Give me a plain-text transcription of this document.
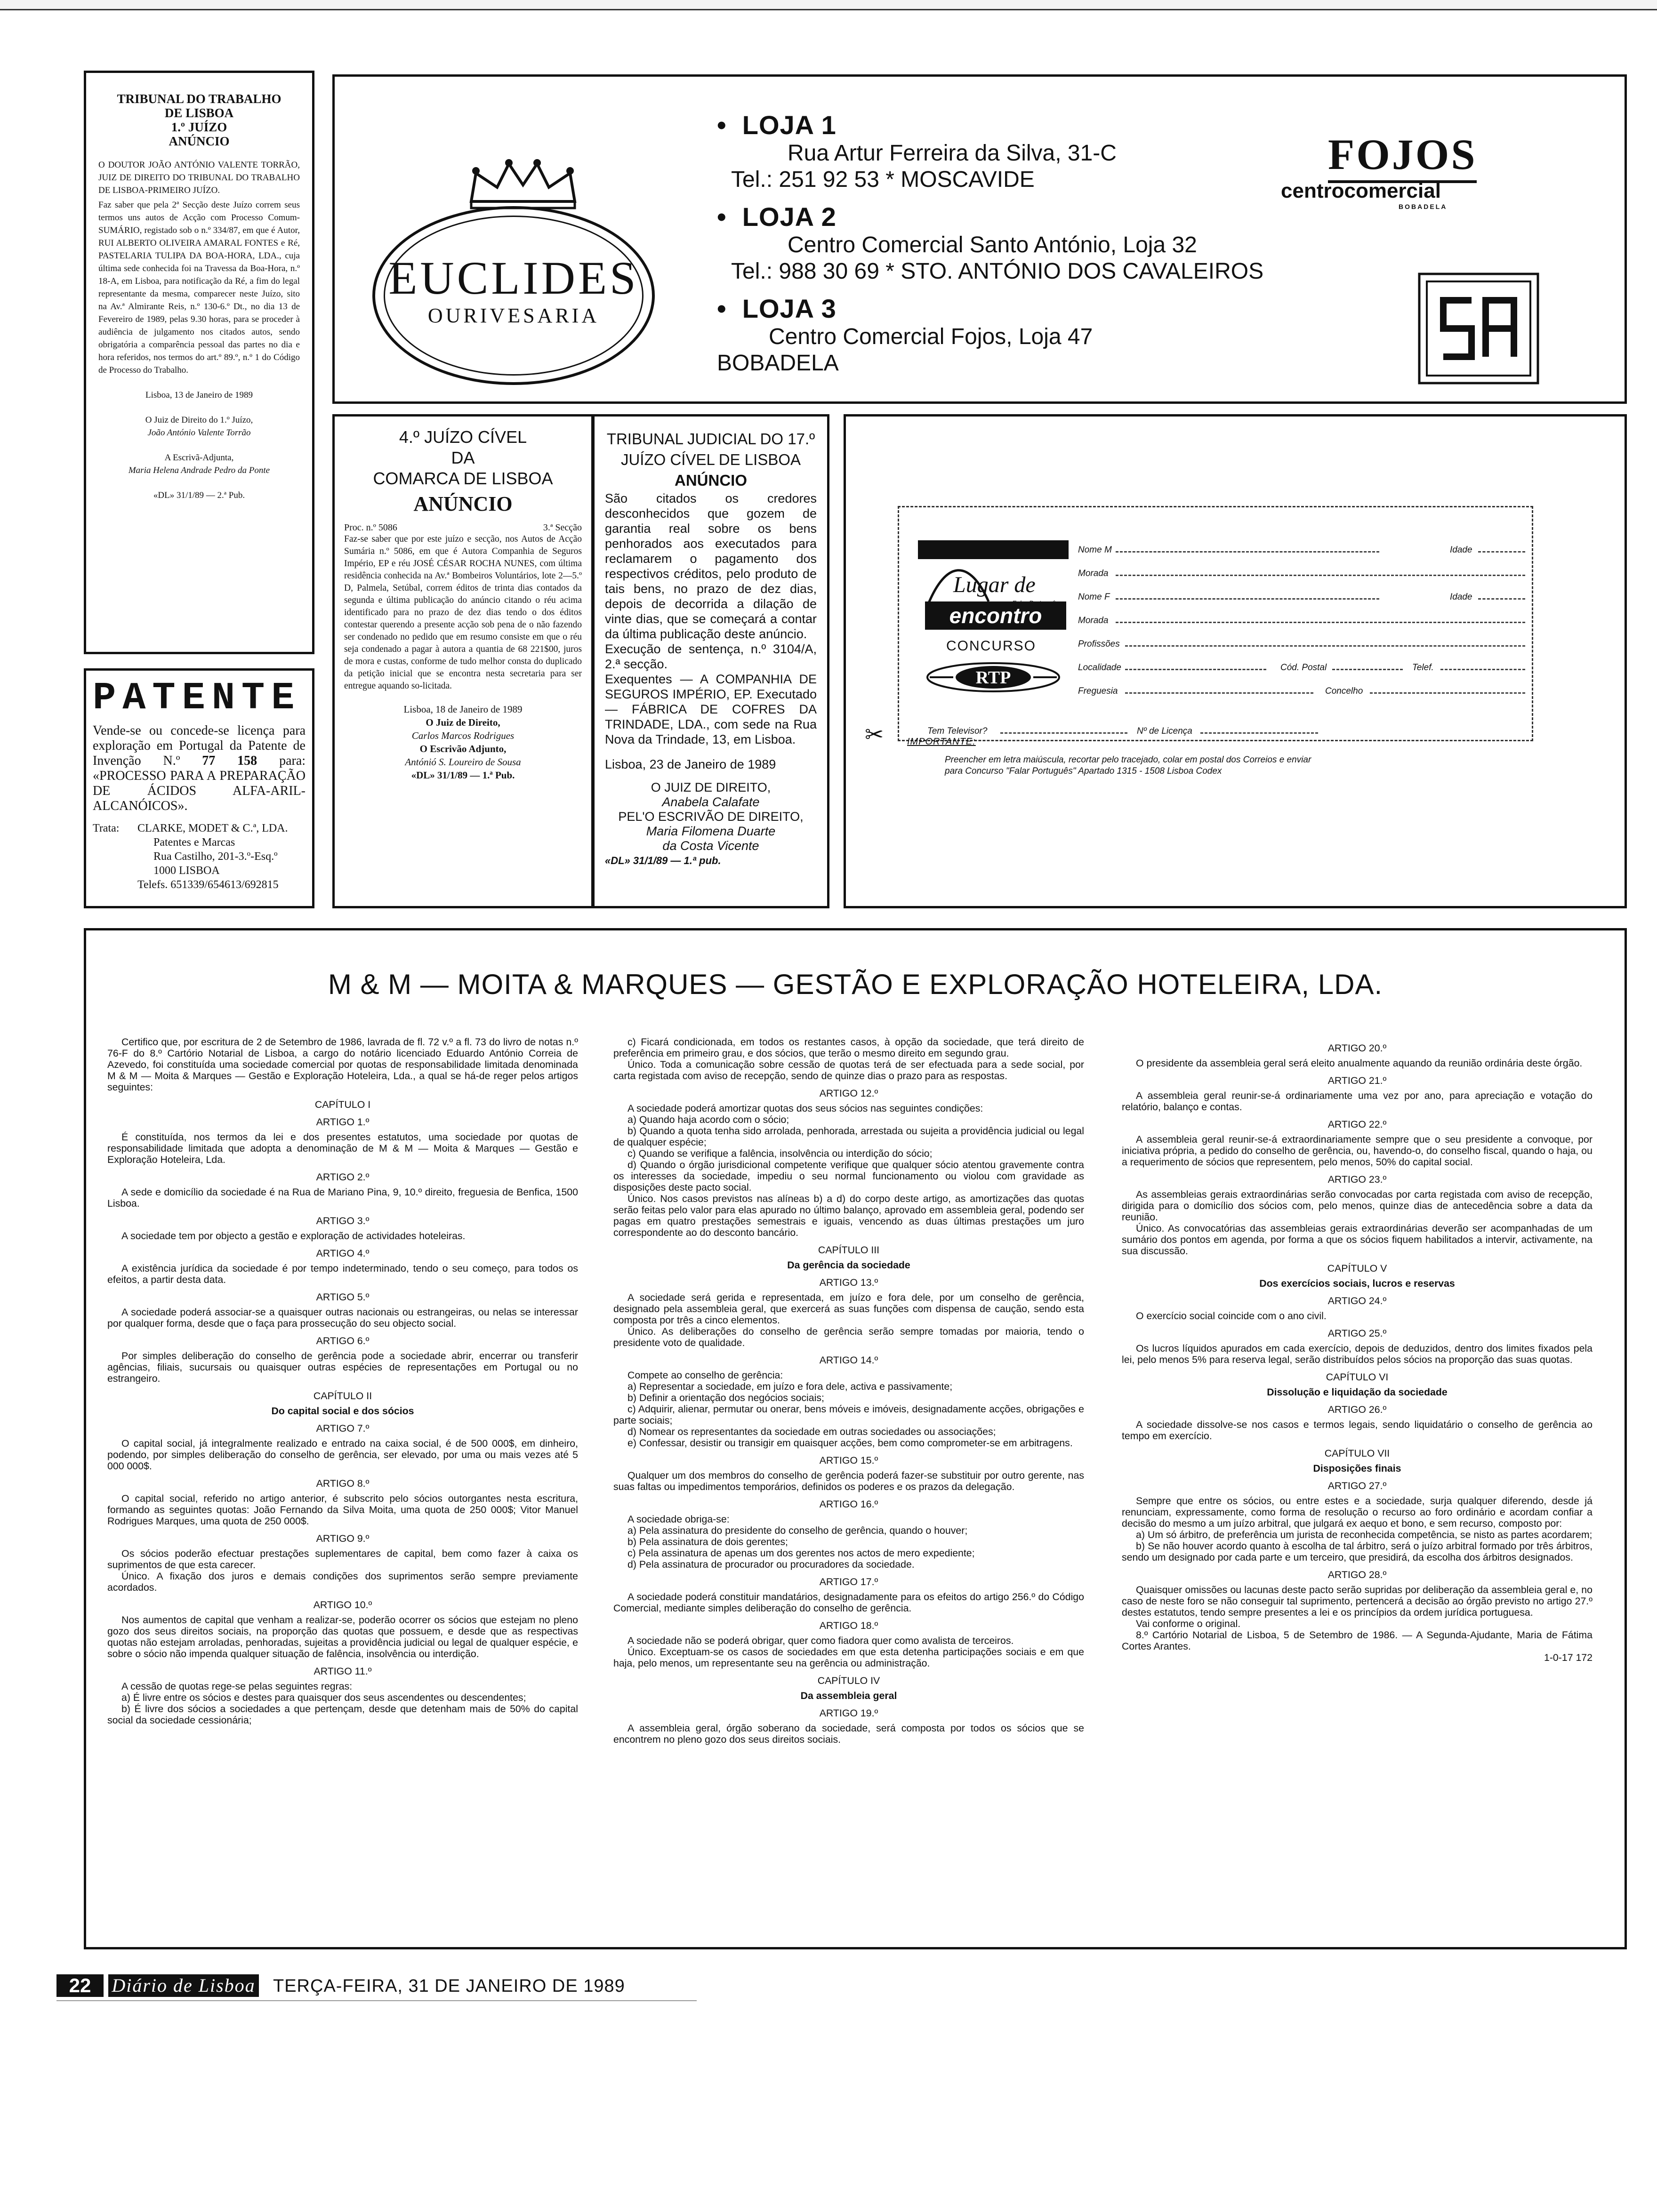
TRIBUNAL DO TRABALHO
DE LISBOA
1.º JUÍZO
ANÚNCIO

O DOUTOR JOÃO ANTÓNIO VALENTE TORRÃO, JUIZ DE DIREITO DO TRIBUNAL DO TRABALHO DE LISBOA-PRIMEIRO JUÍZO.

Faz saber que pela 2ª Secção deste Juízo correm seus termos uns autos de Acção com Processo Comum-SUMÁRIO, registado sob o n.º 334/87, em que é Autor, RUI ALBERTO OLIVEIRA AMARAL FONTES e Ré, PASTELARIA TULIPA DA BOA-HORA, LDA., cuja última sede conhecida foi na Travessa da Boa-Hora, n.º 18-A, em Lisboa, para notificação da Ré, a fim do legal representante da mesma, comparecer neste Juízo, sito na Av.ª Almirante Reis, n.º 130-6.º Dt., no dia 13 de Fevereiro de 1989, pelas 9.30 horas, para se proceder à audiência de julgamento nos citados autos, sendo obrigatória a comparência pessoal das partes no dia e hora referidos, nos termos do art.º 89.º, n.º 1 do Código de Processo do Trabalho.

Lisboa, 13 de Janeiro de 1989
O Juiz de Direito do 1.º Juízo,
João António Valente Torrão
A Escrivã-Adjunta,
Maria Helena Andrade Pedro da Ponte
«DL» 31/1/89 — 2.ª Pub.
EUCLIDES
OURIVESARIA
• LOJA 1
Rua Artur Ferreira da Silva, 31-C
Tel.: 251 92 53 * MOSCAVIDE
• LOJA 2
Centro Comercial Santo António, Loja 32
Tel.: 988 30 69 * STO. ANTÓNIO DOS CAVALEIROS
• LOJA 3
Centro Comercial Fojos, Loja 47
BOBADELA
FOJOS
centrocomercial
BOBADELA
4.º JUÍZO CÍVEL
DA
COMARCA DE LISBOA
ANÚNCIO
Proc. n.º 5086	3.ª Secção

Faz-se saber que por este juízo e secção, nos Autos de Acção Sumária n.º 5086, em que é Autora Companhia de Seguros Império, EP e réu JOSÉ CÉSAR ROCHA NUNES, com última residência conhecida na Av.ª Bombeiros Voluntários, lote 2—5.º D, Palmela, Setúbal, correm éditos de trinta dias contados da segunda e última publicação do anúncio citando o réu acima identificado para no prazo de dez dias tendo o dos éditos contestar querendo a presente acção sob pena de o não fazendo ser condenado no pedido que em resumo consiste em que o réu seja condenado a pagar à autora a quantia de 68 221$00, juros de mora e custas, conforme de tudo melhor consta do duplicado da petição inicial que se encontra nesta secretaria para ser entregue aquando so-licitada.

Lisboa, 18 de Janeiro de 1989
O Juiz de Direito,
Carlos Marcos Rodrigues
O Escrivão Adjunto,
Antónió S. Loureiro de Sousa
«DL» 31/1/89 — 1.ª Pub.
TRIBUNAL JUDICIAL DO 17.º
JUÍZO CÍVEL DE LISBOA
ANÚNCIO

São citados os credores desconhecidos que gozem de garantia real sobre os bens penhorados aos executados para reclamarem o pagamento dos respectivos créditos, pelo produto de tais bens, no prazo de dez dias, depois de decorrida a dilação de vinte dias, que se começará a contar da última publicação deste anúncio.

Execução de sentença, n.º 3104/A, 2.ª secção.

Exequentes — A COMPANHIA DE SEGUROS IMPÉRIO, EP. Executado — FÁBRICA DE COFRES DA TRINDADE, LDA., com sede na Rua Nova da Trindade, 13, em Lisboa.

Lisboa, 23 de Janeiro de 1989
O JUIZ DE DIREITO,
Anabela Calafate
PEL'O ESCRIVÃO DE DIREITO,
Maria Filomena Duarte
da Costa Vicente
«DL» 31/1/89 — 1.ª pub.
Lugar de
encontro
CONCURSO
RTP
Nome M	Idade
Morada
Nome F	Idade
Morada
Profissões
Localidade	Cód. Postal	Telef.
Freguesia	Concelho
Tem Televisor?	Nº de Licença
✂ IMPORTANTE:
Preencher em letra maiúscula, recortar pelo tracejado, colar em postal dos Correios e enviar
para Concurso "Falar Português" Apartado 1315 - 1508 Lisboa Codex
PATENTE

Vende-se ou concede-se licença para exploração em Portugal da Patente de Invenção N.º 77 158 para: «PROCESSO PARA A PREPARAÇÃO DE ÁCIDOS ALFA-ARIL-ALCANÓICOS».

Trata:	CLARKE, MODET & C.ª, LDA.
Patentes e Marcas
Rua Castilho, 201-3.º-Esq.º
1000 LISBOA
Telefs. 651339/654613/692815
M & M — MOITA & MARQUES — GESTÃO E EXPLORAÇÃO HOTELEIRA, LDA.

Certifico que, por escritura de 2 de Setembro de 1986, lavrada de fl. 72 v.º a fl. 73 do livro de notas n.º 76-F do 8.º Cartório Notarial de Lisboa, a cargo do notário licenciado Eduardo António Correia de Azevedo, foi constituída uma sociedade comercial por quotas de responsabilidade limitada denominada M & M — Moita & Marques — Gestão e Exploração Hoteleira, Lda., a qual se há-de reger pelos artigos seguintes:

CAPÍTULO I
ARTIGO 1.º

É constituída, nos termos da lei e dos presentes estatutos, uma sociedade por quotas de responsabilidade limitada que adopta a denominação de M & M — Moita & Marques — Gestão e Exploração Hoteleira, Lda.

ARTIGO 2.º

A sede e domicílio da sociedade é na Rua de Mariano Pina, 9, 10.º direito, freguesia de Benfica, 1500 Lisboa.

ARTIGO 3.º

A sociedade tem por objecto a gestão e exploração de actividades hoteleiras.

ARTIGO 4.º

A existência jurídica da sociedade é por tempo indeterminado, tendo o seu começo, para todos os efeitos, a partir desta data.

ARTIGO 5.º

A sociedade poderá associar-se a quaisquer outras nacionais ou estrangeiras, ou nelas se interessar por qualquer forma, desde que o faça para prossecução do seu objecto social.

ARTIGO 6.º

Por simples deliberação do conselho de gerência pode a sociedade abrir, encerrar ou transferir agências, filiais, sucursais ou quaisquer outras espécies de representações em Portugal ou no estrangeiro.

CAPÍTULO II
Do capital social e dos sócios
ARTIGO 7.º

O capital social, já integralmente realizado e entrado na caixa social, é de 500 000$, em dinheiro, podendo, por simples deliberação do conselho de gerência, ser elevado, por uma ou mais vezes até 5 000 000$.

ARTIGO 8.º

O capital social, referido no artigo anterior, é subscrito pelo sócios outorgantes nesta escritura, formando as seguintes quotas: João Fernando da Silva Moita, uma quota de 250 000$; Vitor Manuel Rodrigues Marques, uma quota de 250 000$.

ARTIGO 9.º

Os sócios poderão efectuar prestações suplementares de capital, bem como fazer à caixa os suprimentos de que esta carecer.

Único. A fixação dos juros e demais condições dos suprimentos serão sempre previamente acordados.

ARTIGO 10.º

Nos aumentos de capital que venham a realizar-se, poderão ocorrer os sócios que estejam no pleno gozo dos seus direitos sociais, na proporção das quotas que possuem, e desde que as respectivas quotas não estejam arroladas, penhoradas, sujeitas a providência judicial ou legal de qualquer espécie, e sobre o sócio não impenda qualquer situação de falência, insolvência ou interdição.

ARTIGO 11.º

A cessão de quotas rege-se pelas seguintes regras:

a) É livre entre os sócios e destes para quaisquer dos seus ascendentes ou descendentes;

b) É livre dos sócios a sociedades a que pertençam, desde que detenham mais de 50% do capital social da sociedade cessionária;

c) Ficará condicionada, em todos os restantes casos, à opção da sociedade, que terá direito de preferência em primeiro grau, e dos sócios, que terão o mesmo direito em segundo grau.

Único. Toda a comunicação sobre cessão de quotas terá de ser efectuada para a sede social, por carta registada com aviso de recepção, sendo de quinze dias o prazo para as respostas.

ARTIGO 12.º

A sociedade poderá amortizar quotas dos seus sócios nas seguintes condições:

a) Quando haja acordo com o sócio;

b) Quando a quota tenha sido arrolada, penhorada, arrestada ou sujeita a providência judicial ou legal de qualquer espécie;

c) Quando se verifique a falência, insolvência ou interdição do sócio;

d) Quando o órgão jurisdicional competente verifique que qualquer sócio atentou gravemente contra os interesses da sociedade, impediu o seu normal funcionamento ou violou com gravidade as disposições deste pacto social.

Único. Nos casos previstos nas alíneas b) a d) do corpo deste artigo, as amortizações das quotas serão feitas pelo valor para elas apurado no último balanço, aprovado em assembleia geral, podendo ser pagas em quatro prestações semestrais e iguais, vencendo as duas últimas prestações um juro correspondente ao do desconto bancário.

CAPÍTULO III
Da gerência da sociedade
ARTIGO 13.º

A sociedade será gerida e representada, em juízo e fora dele, por um conselho de gerência, designado pela assembleia geral, que exercerá as suas funções com dispensa de caução, sendo esta composta por três a cinco elementos.

Único. As deliberações do conselho de gerência serão sempre tomadas por maioria, tendo o presidente voto de qualidade.

ARTIGO 14.º

Compete ao conselho de gerência:

a) Representar a sociedade, em juízo e fora dele, activa e passivamente;

b) Definir a orientação dos negócios sociais;

c) Adquirir, alienar, permutar ou onerar, bens móveis e imóveis, designadamente acções, obrigações e parte sociais;

d) Nomear os representantes da sociedade em outras sociedades ou associações;

e) Confessar, desistir ou transigir em quaisquer acções, bem como comprometer-se em arbitragens.

ARTIGO 15.º

Qualquer um dos membros do conselho de gerência poderá fazer-se substituir por outro gerente, nas suas faltas ou impedimentos temporários, definidos os poderes e os prazos da delegação.

ARTIGO 16.º

A sociedade obriga-se:

a) Pela assinatura do presidente do conselho de gerência, quando o houver;

b) Pela assinatura de dois gerentes;

c) Pela assinatura de apenas um dos gerentes nos actos de mero expediente;

d) Pela assinatura de procurador ou procuradores da sociedade.

ARTIGO 17.º

A sociedade poderá constituir mandatários, designadamente para os efeitos do artigo 256.º do Código Comercial, mediante simples deliberação do conselho de gerência.

ARTIGO 18.º

A sociedade não se poderá obrigar, quer como fiadora quer como avalista de terceiros.

Único. Exceptuam-se os casos de sociedades em que esta detenha participações sociais e em que haja, pelo menos, um representante seu na gerência ou administração.

CAPÍTULO IV
Da assembleia geral
ARTIGO 19.º

A assembleia geral, órgão soberano da sociedade, será composta por todos os sócios que se encontrem no pleno gozo dos seus direitos sociais.

ARTIGO 20.º

O presidente da assembleia geral será eleito anualmente aquando da reunião ordinária deste órgão.

ARTIGO 21.º

A assembleia geral reunir-se-á ordinariamente uma vez por ano, para apreciação e votação do relatório, balanço e contas.

ARTIGO 22.º

A assembleia geral reunir-se-á extraordinariamente sempre que o seu presidente a convoque, por iniciativa própria, a pedido do conselho de gerência, ou, havendo-o, do conselho fiscal, quando o haja, ou a requerimento de sócios que representem, pelo menos, 50% do capital social.

ARTIGO 23.º

As assembleias gerais extraordinárias serão convocadas por carta registada com aviso de recepção, dirigida para o domicílio dos sócios com, pelo menos, quinze dias de antecedência sobre a data da reunião.

Único. As convocatórias das assembleias gerais extraordinárias deverão ser acompanhadas de um sumário dos pontos em agenda, por forma a que os sócios fiquem habilitados a intervir, activamente, na sua discussão.

CAPÍTULO V
Dos exercícios sociais, lucros e reservas
ARTIGO 24.º

O exercício social coincide com o ano civil.

ARTIGO 25.º

Os lucros líquidos apurados em cada exercício, depois de deduzidos, dentro dos limites fixados pela lei, pelo menos 5% para reserva legal, serão distribuídos pelos sócios na proporção das suas quotas.

CAPÍTULO VI
Dissolução e liquidação da sociedade
ARTIGO 26.º

A sociedade dissolve-se nos casos e termos legais, sendo liquidatário o conselho de gerência ao tempo em exercício.

CAPÍTULO VII
Disposições finais
ARTIGO 27.º

Sempre que entre os sócios, ou entre estes e a sociedade, surja qualquer diferendo, desde já renunciam, expressamente, como forma de resolução o recurso ao foro ordinário e acordam confiar a decisão do mesmo a um juízo arbitral, que julgará ex aequo et bono, e sem recurso, composto por:

a) Um só árbitro, de preferência um jurista de reconhecida competência, se nisto as partes acordarem;

b) Se não houver acordo quanto à escolha de tal árbitro, será o juízo arbitral formado por três árbitros, sendo um designado por cada parte e um terceiro, que presidirá, da escolha dos árbitros designados.

ARTIGO 28.º

Quaisquer omissões ou lacunas deste pacto serão supridas por deliberação da assembleia geral e, no caso de neste foro se não conseguir tal suprimento, pertencerá a decisão ao órgão previsto no artigo 27.º destes estatutos, tendo sempre presentes a lei e os princípios da ordem jurídica portuguesa.

Vai conforme o original.

8.º Cartório Notarial de Lisboa, 5 de Setembro de 1986. — A Segunda-Ajudante, Maria de Fátima Cortes Arantes.

1-0-17 172
22	Diário de Lisboa TERÇA-FEIRA, 31 DE JANEIRO DE 1989
